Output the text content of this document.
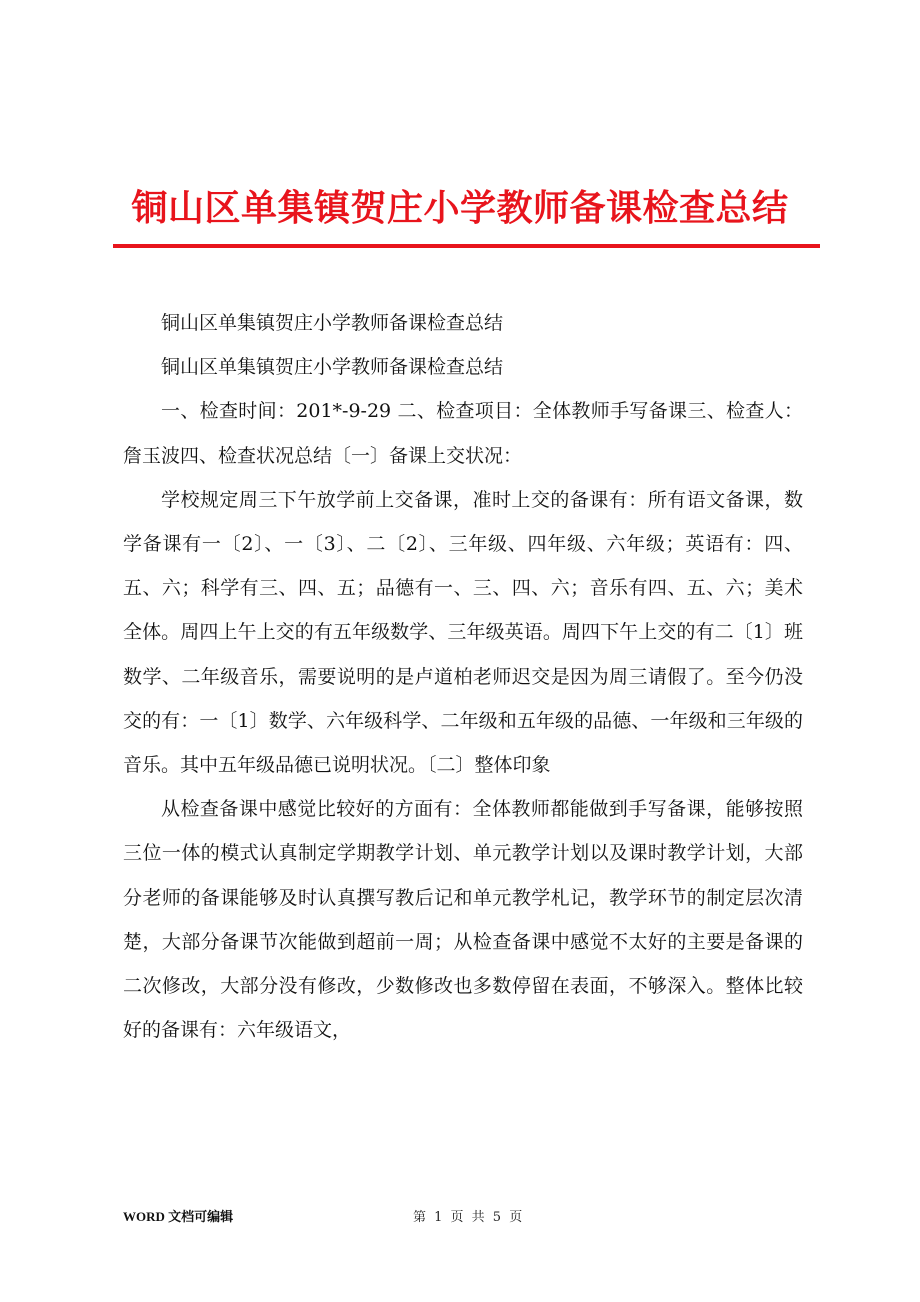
铜山区单集镇贺庄小学教师备课检查总结

铜山区单集镇贺庄小学教师备课检查总结

铜山区单集镇贺庄小学教师备课检查总结

一、检查时间：201*-9-29 二、检查项目：全体教师手写备课三、检查人：詹玉波四、检查状况总结〔一〕备课上交状况：

学校规定周三下午放学前上交备课，准时上交的备课有：所有语文备课，数学备课有一〔2〕、一〔3〕、二〔2〕、三年级、四年级、六年级；英语有：四、五、六；科学有三、四、五；品德有一、三、四、六；音乐有四、五、六；美术全体。周四上午上交的有五年级数学、三年级英语。周四下午上交的有二〔1〕班数学、二年级音乐，需要说明的是卢道柏老师迟交是因为周三请假了。至今仍没交的有：一〔1〕数学、六年级科学、二年级和五年级的品德、一年级和三年级的音乐。其中五年级品德已说明状况。〔二〕整体印象

从检查备课中感觉比较好的方面有：全体教师都能做到手写备课，能够按照三位一体的模式认真制定学期教学计划、单元教学计划以及课时教学计划，大部分老师的备课能够及时认真撰写教后记和单元教学札记，教学环节的制定层次清楚，大部分备课节次能做到超前一周；从检查备课中感觉不太好的主要是备课的二次修改，大部分没有修改，少数修改也多数停留在表面，不够深入。整体比较好的备课有：六年级语文，

WORD 文档可编辑	第 1 页 共 5 页
